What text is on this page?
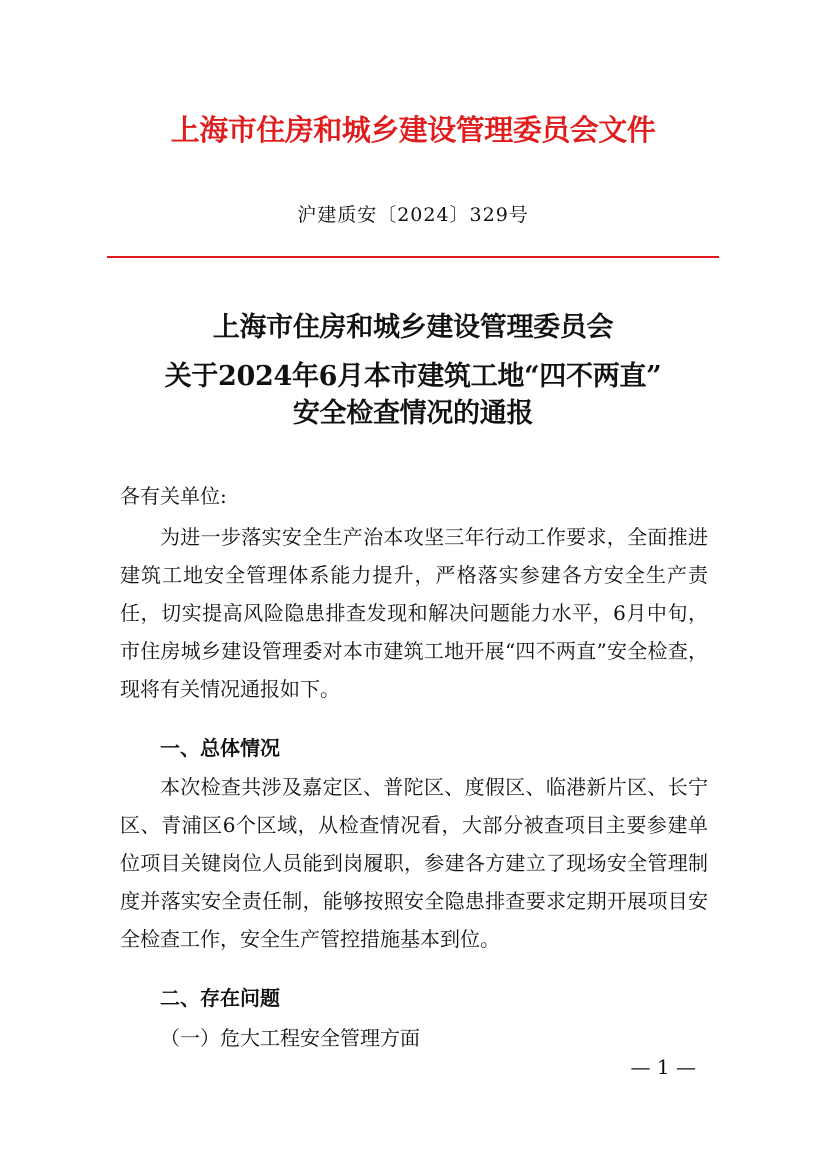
上海市住房和城乡建设管理委员会文件
沪建质安〔2024〕329号
上海市住房和城乡建设管理委员会
关于2024年6月本市建筑工地“四不两直”
安全检查情况的通报
各有关单位:

为进一步落实安全生产治本攻坚三年行动工作要求，全面推进建筑工地安全管理体系能力提升，严格落实参建各方安全生产责任，切实提高风险隐患排查发现和解决问题能力水平，6月中旬，市住房城乡建设管理委对本市建筑工地开展“四不两直”安全检查，现将有关情况通报如下。

一、总体情况

本次检查共涉及嘉定区、普陀区、度假区、临港新片区、长宁区、青浦区6个区域，从检查情况看，大部分被查项目主要参建单位项目关键岗位人员能到岗履职，参建各方建立了现场安全管理制度并落实安全责任制，能够按照安全隐患排查要求定期开展项目安全检查工作，安全生产管控措施基本到位。

二、存在问题
（一）危大工程安全管理方面
— 1 —
